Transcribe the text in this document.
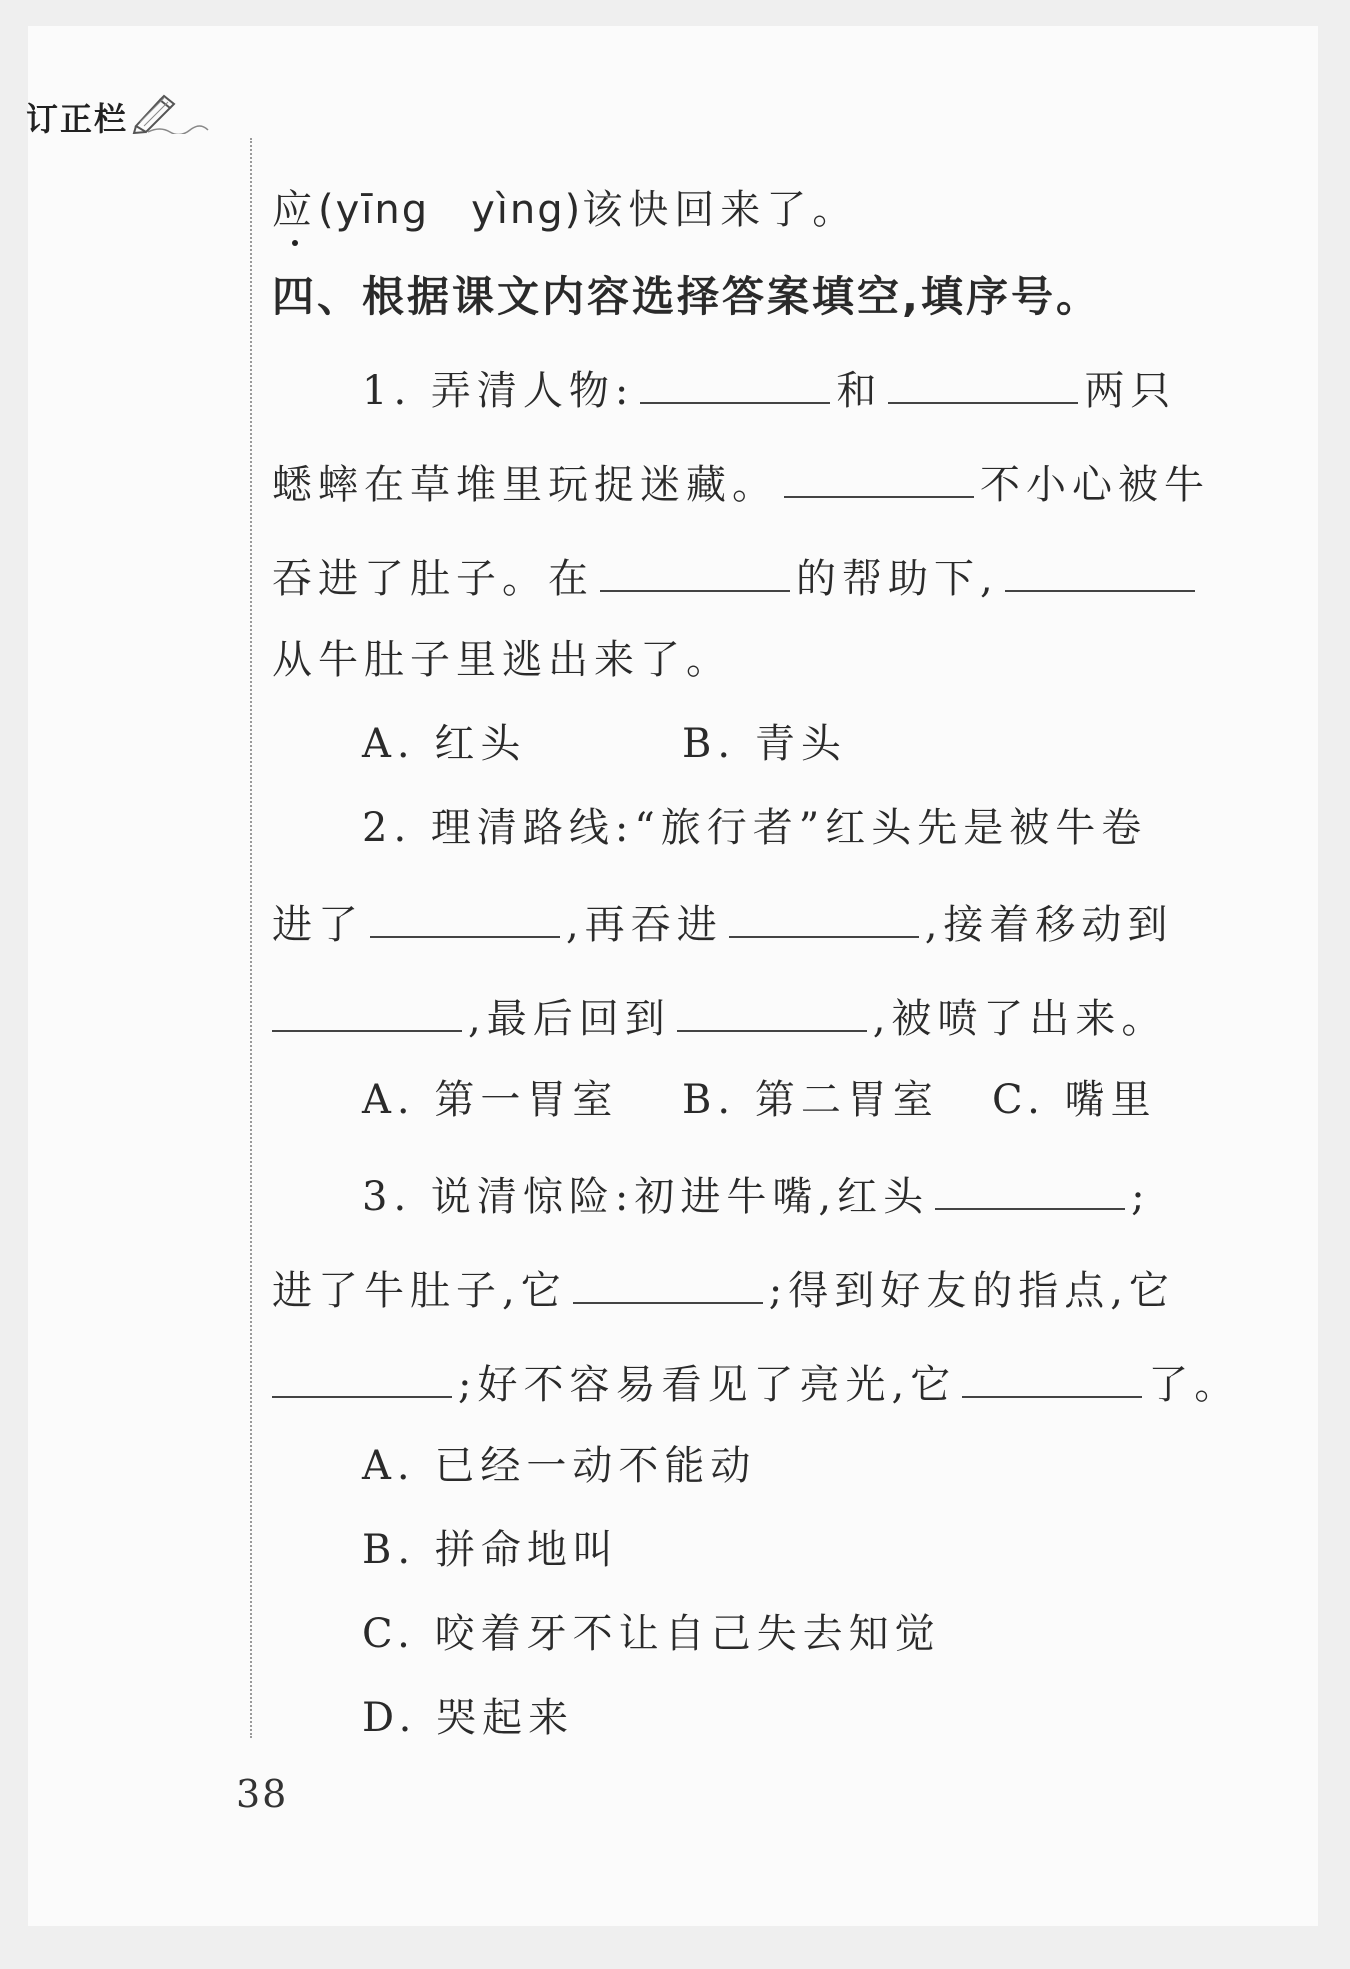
订正栏
应(yīng　yìng)该快回来了。
四、根据课文内容选择答案填空,填序号。
1. 弄清人物:	和	两只
蟋蟀在草堆里玩捉迷藏。	不小心被牛
吞进了肚子。在	的帮助下,
从牛肚子里逃出来了。
A. 红头	B. 青头
2. 理清路线:“旅行者”红头先是被牛卷
进了	,再吞进	,接着移动到
,最后回到	,被喷了出来。
A. 第一胃室 B. 第二胃室 C. 嘴里
3. 说清惊险:初进牛嘴,红头	;
进了牛肚子,它	;得到好友的指点,它
;好不容易看见了亮光,它	了。
A. 已经一动不能动
B. 拼命地叫
C. 咬着牙不让自己失去知觉
D. 哭起来
38
